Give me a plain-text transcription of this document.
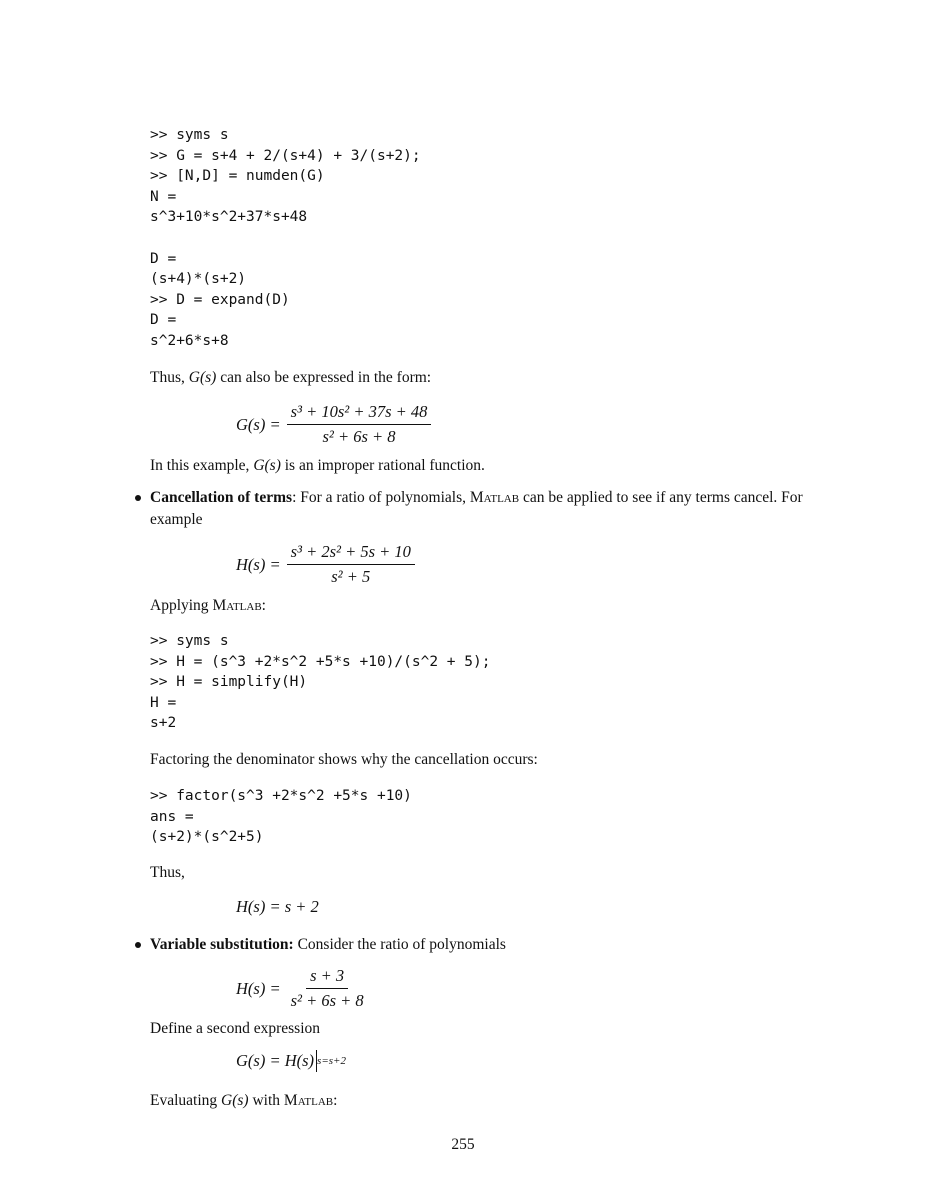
>> syms s
>> G = s+4 + 2/(s+4) + 3/(s+2);
>> [N,D] = numden(G)
N =
s^3+10*s^2+37*s+48

D =
(s+4)*(s+2)
>> D = expand(D)
D =
s^2+6*s+8
Thus, G(s) can also be expressed in the form:
$G(s) = \frac{\text{s³ + 10s² + 37s + 48}}{\text{s² + 6s + 8}}$
In this example, G(s) is an improper rational function.
Cancellation of terms: For a ratio of polynomials, Matlab can be applied to see if any terms cancel. For example
$H(s) = \frac{\text{s³ + 2s² + 5s + 10}}{\text{s² + 5}}$
Applying Matlab:
>> syms s
>> H = (s^3 +2*s^2 +5*s +10)/(s^2 + 5);
>> H = simplify(H)
H =
s+2
Factoring the denominator shows why the cancellation occurs:
>> factor(s^3 +2*s^2 +5*s +10)
ans =
(s+2)*(s^2+5)
Thus,
H(s) = s + 2
Variable substitution: Consider the ratio of polynomials
$H(s) = \frac{s + 3}{\text{s² + 6s + 8}}$
Define a second expression
G(s) = H(s) s=s+2
Evaluating G(s) with Matlab:
255
